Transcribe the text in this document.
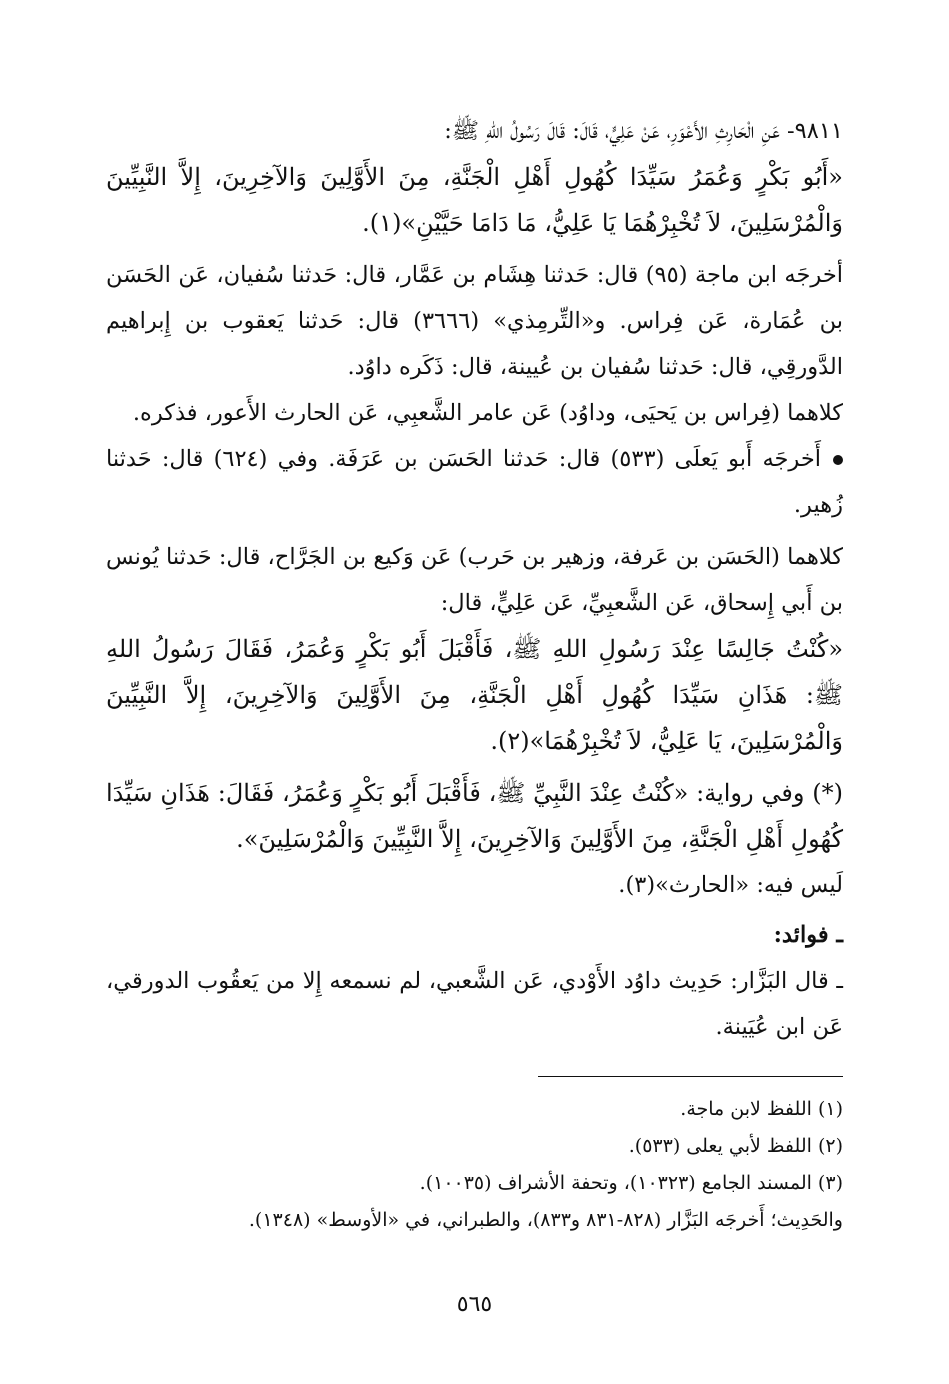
٩٨١١- عَنِ الْحَارِثِ الأَعْوَرِ، عَنْ عَلِيٍّ، قَالَ: قَالَ رَسُولُ اللهِ ﷺ:

«أَبُو بَكْرٍ وَعُمَرُ سَيِّدَا كُهُولِ أَهْلِ الْجَنَّةِ، مِنَ الأَوَّلِينَ وَالآخِرِينَ، إِلاَّ النَّبِيِّينَ وَالْمُرْسَلِينَ، لاَ تُخْبِرْهُمَا يَا عَلِيُّ، مَا دَامَا حَيَّيْنِ»(١).

أخرجَه ابن ماجة (٩٥) قال: حَدثنا هِشَام بن عَمَّار، قال: حَدثنا سُفيان، عَن الحَسَن بن عُمَارة، عَن فِراس. و«التِّرمِذي» (٣٦٦٦) قال: حَدثنا يَعقوب بن إِبراهيم الدَّورقِي، قال: حَدثنا سُفيان بن عُيينة، قال: ذَكَره داوُد.

كلاهما (فِراس بن يَحيَى، وداوُد) عَن عامر الشَّعبِي، عَن الحارث الأَعور، فذكره.

أَخرجَه أَبو يَعلَى (٥٣٣) قال: حَدثنا الحَسَن بن عَرَفَة. وفي (٦٢٤) قال: حَدثنا زُهير.

كلاهما (الحَسَن بن عَرفة، وزهير بن حَرب) عَن وَكيع بن الجَرَّاح، قال: حَدثنا يُونس بن أَبي إِسحاق، عَن الشَّعبِيِّ، عَن عَلِيٍّ، قال:

«كُنْتُ جَالِسًا عِنْدَ رَسُولِ اللهِ ﷺ، فَأَقْبَلَ أَبُو بَكْرٍ وَعُمَرُ، فَقَالَ رَسُولُ اللهِ ﷺ: هَذَانِ سَيِّدَا كُهُولِ أَهْلِ الْجَنَّةِ، مِنَ الأَوَّلِينَ وَالآخِرِينَ، إِلاَّ النَّبِيِّينَ وَالْمُرْسَلِينَ، يَا عَلِيُّ، لاَ تُخْبِرْهُمَا»(٢).

(*) وفي رواية: «كُنْتُ عِنْدَ النَّبِيِّ ﷺ، فَأَقْبَلَ أَبُو بَكْرٍ وَعُمَرُ، فَقَالَ: هَذَانِ سَيِّدَا كُهُولِ أَهْلِ الْجَنَّةِ، مِنَ الأَوَّلِينَ وَالآخِرِينَ، إِلاَّ النَّبِيِّينَ وَالْمُرْسَلِينَ».

لَيس فيه: «الحارث»(٣).

ـ فوائد:

ـ قال البَزَّار: حَدِيث داوُد الأَوْدي، عَن الشَّعبي، لم نسمعه إِلا من يَعقُوب الدورقي، عَن ابن عُيَينة.

(١) اللفظ لابن ماجة.
(٢) اللفظ لأبي يعلى (٥٣٣).
(٣) المسند الجامع (١٠٣٢٣)، وتحفة الأشراف (١٠٠٣٥).
والحَدِيث؛ أَخرجَه البَزَّار (٨٢٨-٨٣١ و٨٣٣)، والطبراني، في «الأوسط» (١٣٤٨).
٥٦٥
